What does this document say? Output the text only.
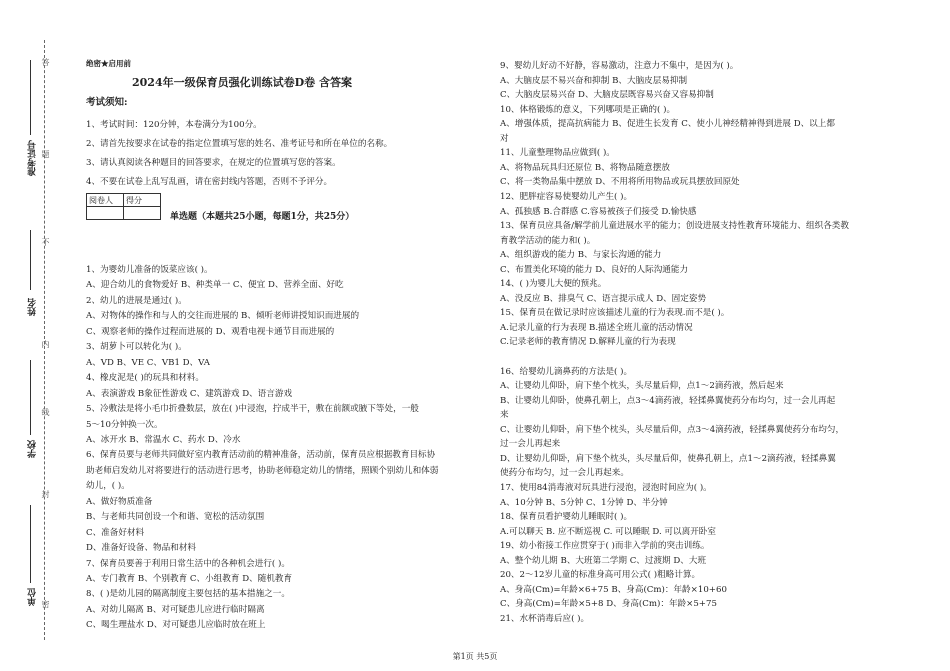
准考证号
姓名
学校
单位
答
题
不
内
线
封
密
绝密★启用前
2024年一级保育员强化训练试卷D卷 含答案
考试须知:
1、考试时间：120分钟，本卷满分为100分。
2、请首先按要求在试卷的指定位置填写您的姓名、准考证号和所在单位的名称。
3、请认真阅读各种题目的回答要求，在规定的位置填写您的答案。
4、不要在试卷上乱写乱画，请在密封线内答题，否则不予评分。
阅卷人	得分

单选题（本题共25小题，每题1分，共25分）
1、为婴幼儿准备的饭菜应该( )。
A、迎合幼儿的食物爱好 B、种类单一 C、便宜 D、营养全面、好吃
2、幼儿的进展是通过( )。
A、对物体的操作和与人的交往而进展的 B、倾听老师讲授知识而进展的
C、观察老师的操作过程而进展的 D、观看电视卡通节目而进展的
3、胡萝卜可以转化为( )。
A、VD B、VE C、VB1 D、VA
4、橡皮泥是( )的玩具和材料。
A、表演游戏 B象征性游戏 C、建筑游戏 D、语言游戏
5、冷敷法是将小毛巾折叠数层，放在( )中浸泡，拧成半干，敷在前额或腋下等处，一般
5～10分钟换一次。
A、冰开水 B、常温水 C、药水 D、冷水
6、保育员要与老师共同做好室内教育活动前的精神准备，活动前，保育员应根据教育目标协
助老师启发幼儿对将要进行的活动进行思考，协助老师稳定幼儿的情绪，照顾个别幼儿和体弱
幼儿，( )。
A、做好物质准备
B、与老师共同创设一个和谐、宽松的活动氛围
C、准备好材料
D、准备好设备、物品和材料
7、保育员要善于利用日常生活中的各种机会进行( )。
A、专门教育 B、个别教育 C、小组教育 D、随机教育
8、( )是幼儿园的隔离制度主要包括的基本措施之一。
A、对幼儿隔离 B、对可疑患儿应进行临时隔离
C、喝生理盐水 D、对可疑患儿应临时放在班上
9、婴幼儿好动不好静，容易激动，注意力不集中，是因为( )。
A、大脑皮层不易兴奋和抑制 B、大脑皮层易抑制
C、大脑皮层易兴奋 D、大脑皮层既容易兴奋又容易抑制
10、体格锻炼的意义，下列哪项是正确的( )。
A、增强体质，提高抗病能力 B、促进生长发育 C、使小儿神经精神得到进展 D、以上都
对
11、儿童整理物品应做到( )。
A、将物品玩具归还原位 B、将物品随意摆放
C、将一类物品集中摆放 D、不用将所用物品或玩具摆放回原处
12、肥胖症容易使婴幼儿产生( )。
A、孤独感 B.合群感 C.容易被孩子们接受 D.愉快感
13、保育员应具备/解学前儿童进展水平的能力；创设进展支持性教育环境能力、组织各类教
育教学活动的能力和( )。
A、组织游戏的能力 B、与家长沟通的能力
C、布置美化环境的能力 D、良好的人际沟通能力
14、( )为婴儿大便的预兆。
A、没反应 B、排臭气 C、语言提示成人 D、固定姿势
15、保育员在做记录时应该描述儿童的行为表现.而不是( )。
A.记录儿童的行为表现 B.描述全班儿童的活动情况
C.记录老师的教育情况 D.解释儿童的行为表现
16、给婴幼儿滴鼻药的方法是( )。
A、让婴幼儿仰卧，肩下垫个枕头，头尽量后仰，点1～2滴药液，然后起来
B、让婴幼儿仰卧，使鼻孔朝上，点3～4滴药液，轻揉鼻翼使药分布均匀，过一会儿再起
来
C、让婴幼儿仰卧，肩下垫个枕头，头尽量后仰，点3～4滴药液，轻揉鼻翼使药分布均匀，
过一会儿再起来
D、让婴幼儿仰卧，肩下垫个枕头，头尽量后仰，使鼻孔朝上，点1～2滴药液，轻揉鼻翼
使药分布均匀，过一会儿再起来。
17、使用84消毒液对玩具进行浸泡，浸泡时间应为( )。
A、10分钟 B、5分钟 C、1分钟 D、半分钟
18、保育员看护婴幼儿睡眠时( )。
A.可以聊天 B. 应不断巡视 C. 可以睡眠 D. 可以离开卧室
19、幼小衔接工作应贯穿于( )而非入学前的突击训练。
A、整个幼儿期 B、大班第二学期 C、过渡期 D、大班
20、2～12岁儿童的标准身高可用公式( )粗略计算。
A、身高(Cm)=年龄×6+75 B、身高(Cm)：年龄×10+60
C、身高(Cm)=年龄×5+8 D、身高(Cm)：年龄×5+75
21、水杯消毒后应( )。
第1页 共5页
